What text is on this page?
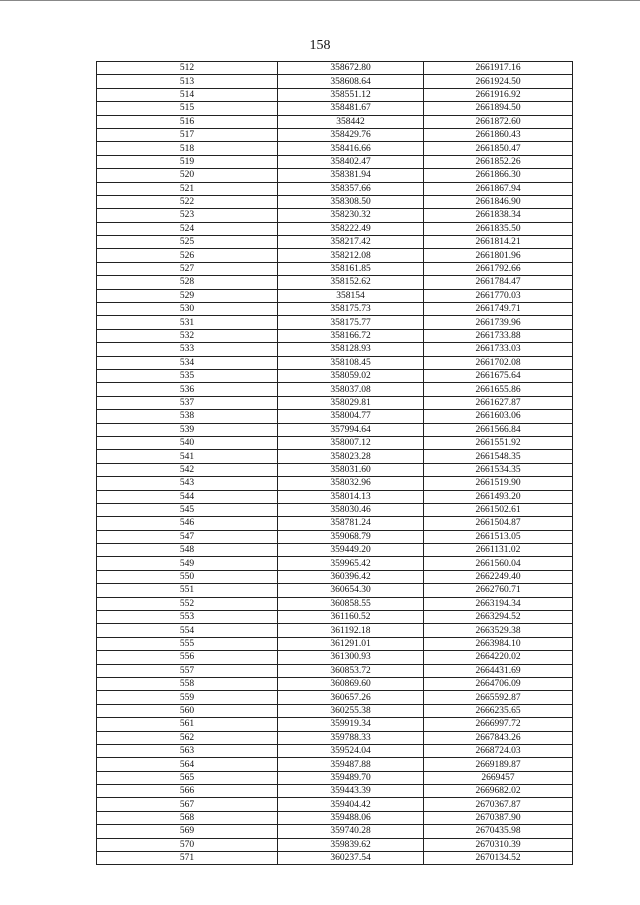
158
512	358672.80	2661917.16
513	358608.64	2661924.50
514	358551.12	2661916.92
515	358481.67	2661894.50
516	358442	2661872.60
517	358429.76	2661860.43
518	358416.66	2661850.47
519	358402.47	2661852.26
520	358381.94	2661866.30
521	358357.66	2661867.94
522	358308.50	2661846.90
523	358230.32	2661838.34
524	358222.49	2661835.50
525	358217.42	2661814.21
526	358212.08	2661801.96
527	358161.85	2661792.66
528	358152.62	2661784.47
529	358154	2661770.03
530	358175.73	2661749.71
531	358175.77	2661739.96
532	358166.72	2661733.88
533	358128.93	2661733.03
534	358108.45	2661702.08
535	358059.02	2661675.64
536	358037.08	2661655.86
537	358029.81	2661627.87
538	358004.77	2661603.06
539	357994.64	2661566.84
540	358007.12	2661551.92
541	358023.28	2661548.35
542	358031.60	2661534.35
543	358032.96	2661519.90
544	358014.13	2661493.20
545	358030.46	2661502.61
546	358781.24	2661504.87
547	359068.79	2661513.05
548	359449.20	2661131.02
549	359965.42	2661560.04
550	360396.42	2662249.40
551	360654.30	2662760.71
552	360858.55	2663194.34
553	361160.52	2663294.52
554	361192.18	2663529.38
555	361291.01	2663984.10
556	361300.93	2664220.02
557	360853.72	2664431.69
558	360869.60	2664706.09
559	360657.26	2665592.87
560	360255.38	2666235.65
561	359919.34	2666997.72
562	359788.33	2667843.26
563	359524.04	2668724.03
564	359487.88	2669189.87
565	359489.70	2669457
566	359443.39	2669682.02
567	359404.42	2670367.87
568	359488.06	2670387.90
569	359740.28	2670435.98
570	359839.62	2670310.39
571	360237.54	2670134.52
